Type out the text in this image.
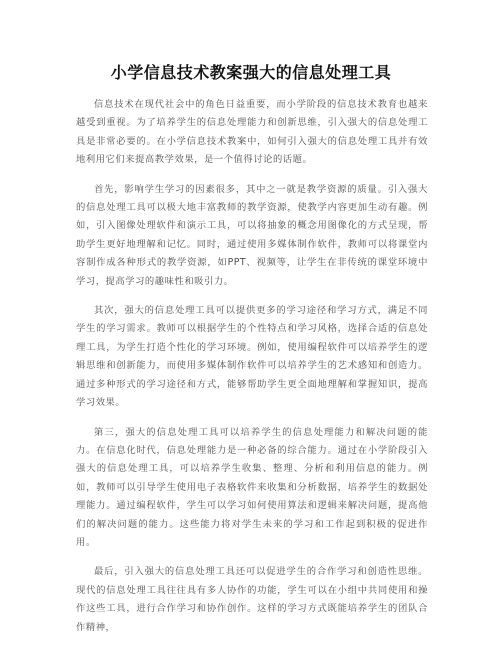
小学信息技术教案强大的信息处理工具

信息技术在现代社会中的角色日益重要，而小学阶段的信息技术教育也越来越受到重视。为了培养学生的信息处理能力和创新思维，引入强大的信息处理工具是非常必要的。在小学信息技术教案中，如何引入强大的信息处理工具并有效地利用它们来提高教学效果，是一个值得讨论的话题。

首先，影响学生学习的因素很多，其中之一就是教学资源的质量。引入强大的信息处理工具可以极大地丰富教师的教学资源，使教学内容更加生动有趣。例如，引入图像处理软件和演示工具，可以将抽象的概念用图像化的方式呈现，帮助学生更好地理解和记忆。同时，通过使用多媒体制作软件，教师可以将课堂内容制作成各种形式的教学资源，如PPT、视频等，让学生在非传统的课堂环境中学习，提高学习的趣味性和吸引力。

其次，强大的信息处理工具可以提供更多的学习途径和学习方式，满足不同学生的学习需求。教师可以根据学生的个性特点和学习风格，选择合适的信息处理工具，为学生打造个性化的学习环境。例如，使用编程软件可以培养学生的逻辑思维和创新能力，而使用多媒体制作软件可以培养学生的艺术感知和创造力。通过多种形式的学习途径和方式，能够帮助学生更全面地理解和掌握知识，提高学习效果。

第三，强大的信息处理工具可以培养学生的信息处理能力和解决问题的能力。在信息化时代，信息处理能力是一种必备的综合能力。通过在小学阶段引入强大的信息处理工具，可以培养学生收集、整理、分析和利用信息的能力。例如，教师可以引导学生使用电子表格软件来收集和分析数据，培养学生的数据处理能力。通过编程软件，学生可以学习如何使用算法和逻辑来解决问题，提高他们的解决问题的能力。这些能力将对学生未来的学习和工作起到积极的促进作用。

最后，引入强大的信息处理工具还可以促进学生的合作学习和创造性思维。现代的信息处理工具往往具有多人协作的功能，学生可以在小组中共同使用和操作这些工具，进行合作学习和协作创作。这样的学习方式既能培养学生的团队合作精神，
